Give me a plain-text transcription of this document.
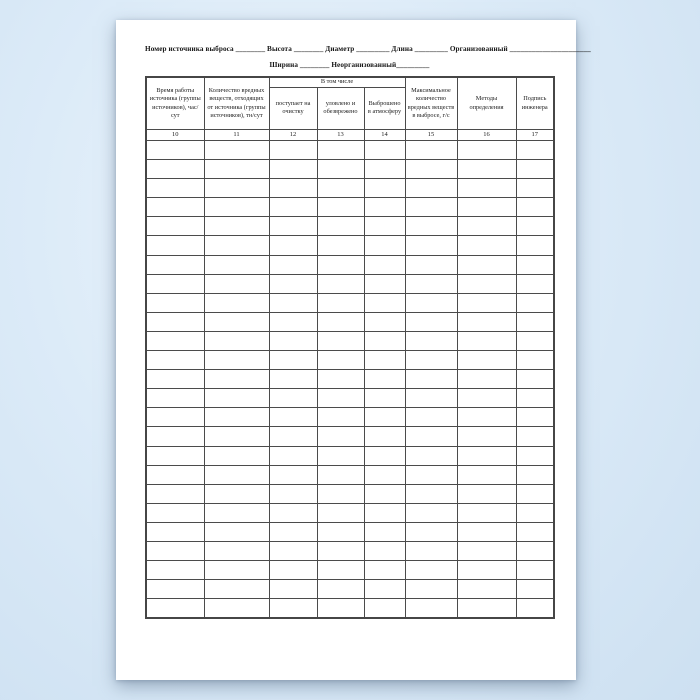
Номер источника выброса ________ Высота ________ Диаметр _________ Длина _________ Организованный ______________________
Ширина ________ Неорганизованный_________
Время работы источника (группы источников), час/сут	Количество вредных веществ, отходящих от источника (группы источников), тн/сут	В том числе			Максимальное количество вредных веществ в выбросе, г/с	Методы определения	Подпись инженера
		поступает на очистку	уловлено и обезврежено	Выброшено в атмосферу			
10	11	12	13	14	15	16	17
